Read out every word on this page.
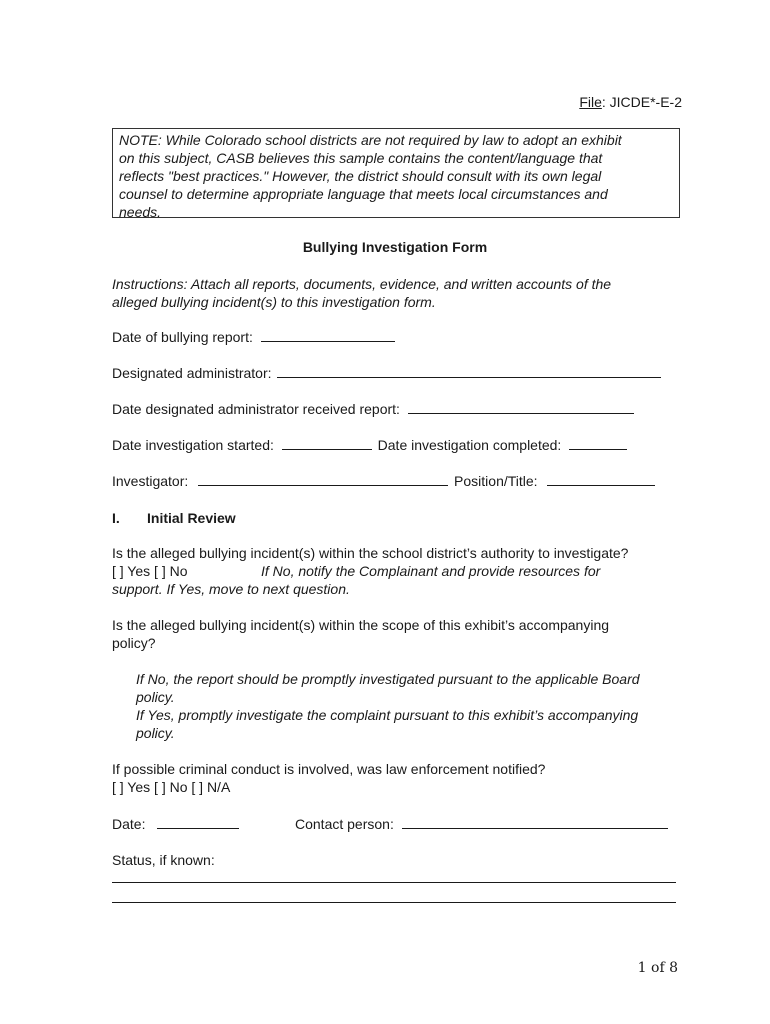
File: JICDE*-E-2
NOTE: While Colorado school districts are not required by law to adopt an exhibit
on this subject, CASB believes this sample contains the content/language that
reflects "best practices." However, the district should consult with its own legal
counsel to determine appropriate language that meets local circumstances and
needs.
Bullying Investigation Form
Instructions: Attach all reports, documents, evidence, and written accounts of the
alleged bullying incident(s) to this investigation form.
Date of bullying report:
Designated administrator:
Date designated administrator received report:
Date investigation started:	Date investigation completed:
Investigator:	Position/Title:
I. Initial Review
Is the alleged bullying incident(s) within the school district’s authority to investigate?
[ ] Yes [ ] No	If No, notify the Complainant and provide resources for
support. If Yes, move to next question.
Is the alleged bullying incident(s) within the scope of this exhibit’s accompanying
policy?
If No, the report should be promptly investigated pursuant to the applicable Board
policy.
If Yes, promptly investigate the complaint pursuant to this exhibit’s accompanying
policy.
If possible criminal conduct is involved, was law enforcement notified?
[ ] Yes [ ] No [ ] N/A
Date:	Contact person:
Status, if known:
1 of 8
